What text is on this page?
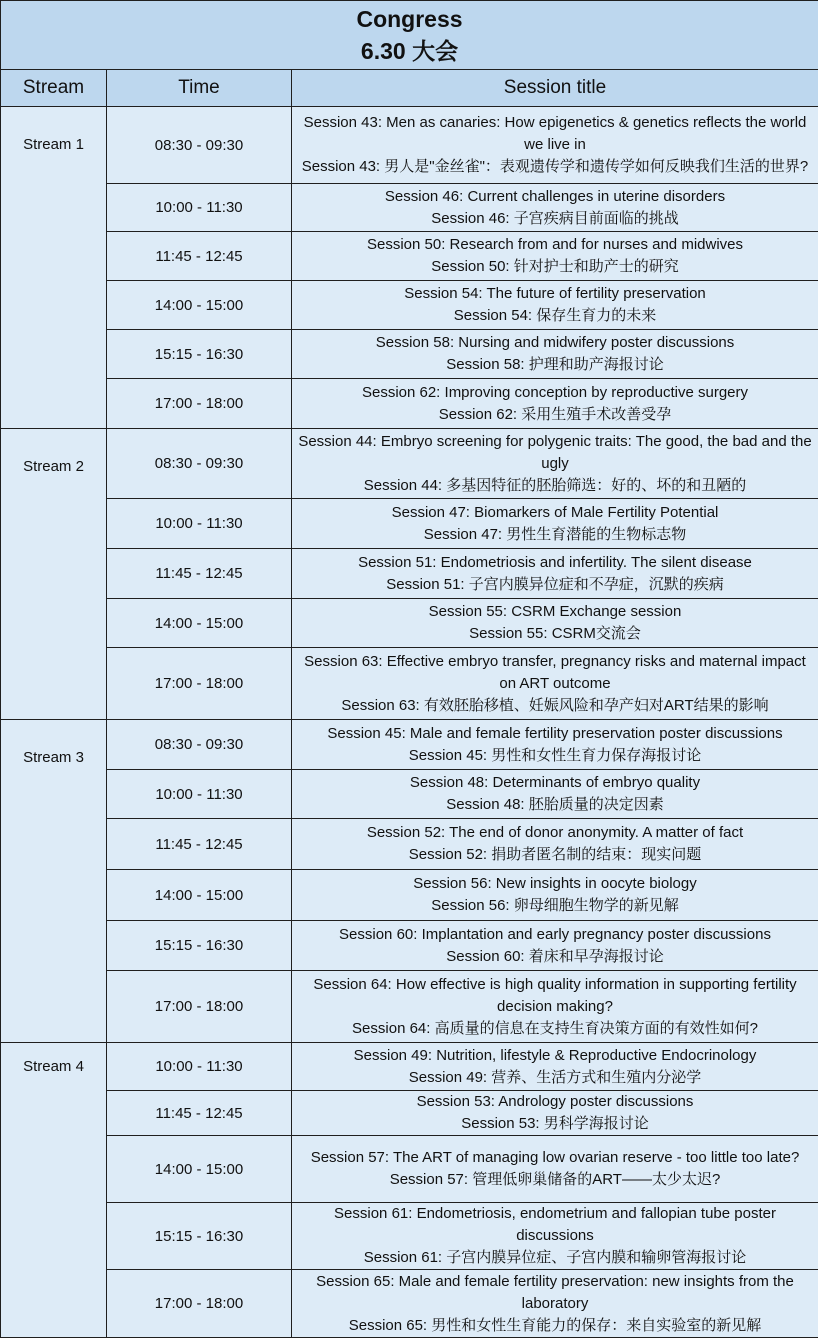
Congress
6.30 大会		

Stream	Time	Session title
Stream 1	08:30 - 09:30	Session 43: Men as canaries: How epigenetics & genetics reflects the world we live in
Session 43: 男人是"金丝雀"：表观遗传学和遗传学如何反映我们生活的世界?

	10:00 - 11:30	Session 46: Current challenges in uterine disorders
Session 46: 子宫疾病目前面临的挑战

	11:45 - 12:45	Session 50: Research from and for nurses and midwives
Session 50: 针对护士和助产士的研究

	14:00 - 15:00	Session 54: The future of fertility preservation
Session 54: 保存生育力的未来

	15:15 - 16:30	Session 58: Nursing and midwifery poster discussions
Session 58: 护理和助产海报讨论

	17:00 - 18:00	Session 62: Improving conception by reproductive surgery
Session 62: 采用生殖手术改善受孕

Stream 2	08:30 - 09:30	Session 44: Embryo screening for polygenic traits: The good, the bad and the ugly
Session 44: 多基因特征的胚胎筛选：好的、坏的和丑陋的

	10:00 - 11:30	Session 47: Biomarkers of Male Fertility Potential
Session 47: 男性生育潜能的生物标志物

	11:45 - 12:45	Session 51: Endometriosis and infertility. The silent disease
Session 51: 子宫内膜异位症和不孕症，沉默的疾病

	14:00 - 15:00	Session 55: CSRM Exchange session
Session 55: CSRM交流会

	17:00 - 18:00	Session 63: Effective embryo transfer, pregnancy risks and maternal impact on ART outcome
Session 63: 有效胚胎移植、妊娠风险和孕产妇对ART结果的影响

Stream 3	08:30 - 09:30	Session 45: Male and female fertility preservation poster discussions
Session 45: 男性和女性生育力保存海报讨论

	10:00 - 11:30	Session 48: Determinants of embryo quality
Session 48: 胚胎质量的决定因素

	11:45 - 12:45	Session 52: The end of donor anonymity. A matter of fact
Session 52: 捐助者匿名制的结束：现实问题

	14:00 - 15:00	Session 56: New insights in oocyte biology
Session 56: 卵母细胞生物学的新见解

	15:15 - 16:30	Session 60: Implantation and early pregnancy poster discussions
Session 60: 着床和早孕海报讨论

	17:00 - 18:00	Session 64: How effective is high quality information in supporting fertility decision making?
Session 64: 高质量的信息在支持生育决策方面的有效性如何?

Stream 4	10:00 - 11:30	Session 49: Nutrition, lifestyle & Reproductive Endocrinology
Session 49: 营养、生活方式和生殖内分泌学

	11:45 - 12:45	Session 53: Andrology poster discussions
Session 53: 男科学海报讨论

	14:00 - 15:00	Session 57: The ART of managing low ovarian reserve - too little too late?
Session 57: 管理低卵巢储备的ART——太少太迟?

	15:15 - 16:30	Session 61: Endometriosis, endometrium and fallopian tube poster discussions
Session 61: 子宫内膜异位症、子宫内膜和输卵管海报讨论

	17:00 - 18:00	Session 65: Male and female fertility preservation: new insights from the laboratory
Session 65: 男性和女性生育能力的保存：来自实验室的新见解
